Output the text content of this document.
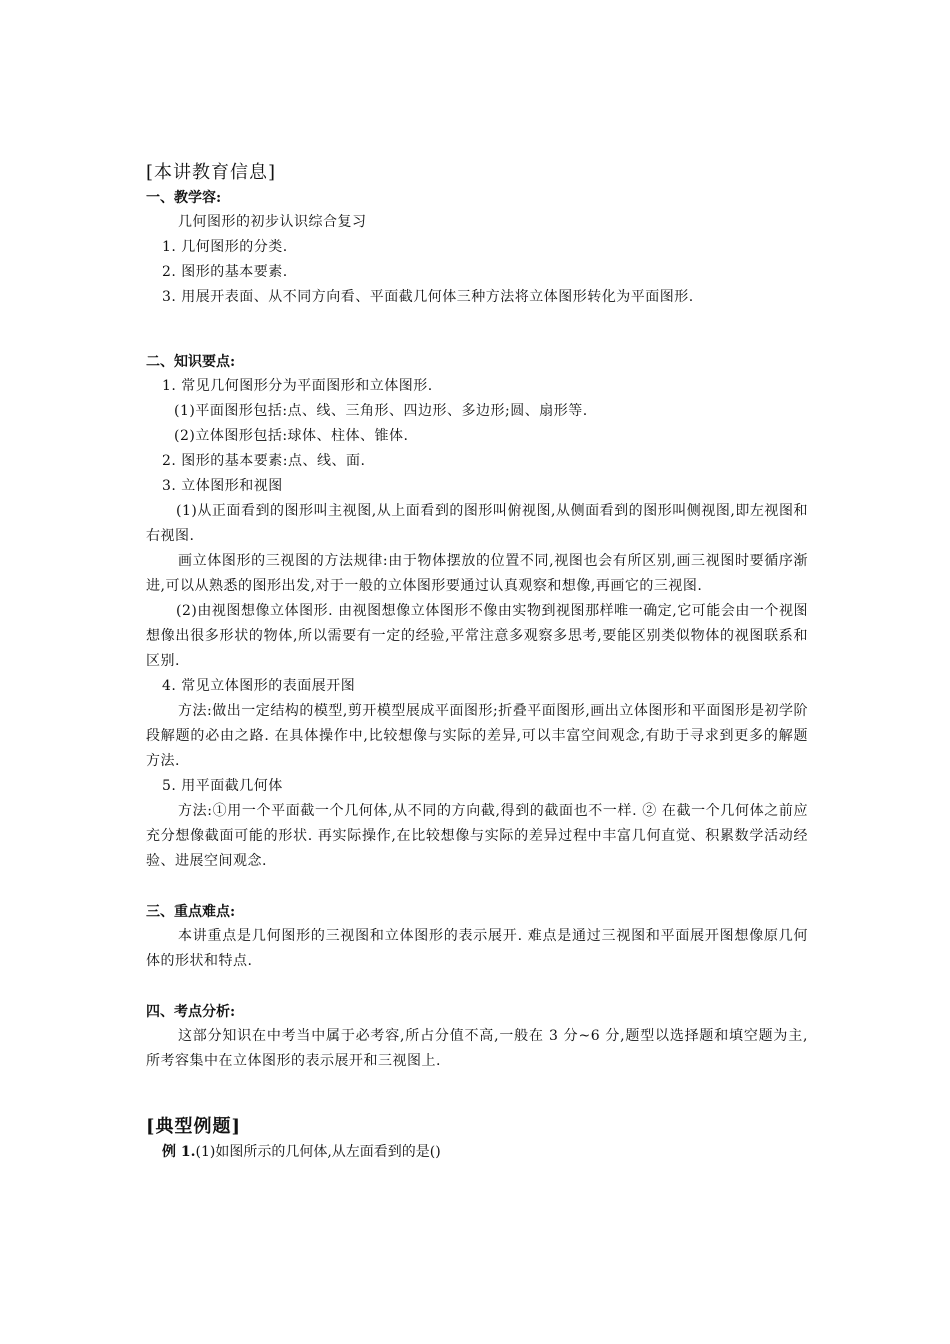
[本讲教育信息]

一、教学容:

几何图形的初步认识综合复习

1. 几何图形的分类.

2. 图形的基本要素.

3. 用展开表面、从不同方向看、平面截几何体三种方法将立体图形转化为平面图形.

二、知识要点:

1. 常见几何图形分为平面图形和立体图形.

(1)平面图形包括:点、线、三角形、四边形、多边形;圆、扇形等.

(2)立体图形包括:球体、柱体、锥体.

2. 图形的基本要素:点、线、面.

3. 立体图形和视图

(1)从正面看到的图形叫主视图,从上面看到的图形叫俯视图,从侧面看到的图形叫侧视图,即左视图和右视图.

画立体图形的三视图的方法规律:由于物体摆放的位置不同,视图也会有所区别,画三视图时要循序渐进,可以从熟悉的图形出发,对于一般的立体图形要通过认真观察和想像,再画它的三视图.

(2)由视图想像立体图形. 由视图想像立体图形不像由实物到视图那样唯一确定,它可能会由一个视图想像出很多形状的物体,所以需要有一定的经验,平常注意多观察多思考,要能区别类似物体的视图联系和区别.

4. 常见立体图形的表面展开图

方法:做出一定结构的模型,剪开模型展成平面图形;折叠平面图形,画出立体图形和平面图形是初学阶段解题的必由之路. 在具体操作中,比较想像与实际的差异,可以丰富空间观念,有助于寻求到更多的解题方法.

5. 用平面截几何体

方法:①用一个平面截一个几何体,从不同的方向截,得到的截面也不一样. ② 在截一个几何体之前应充分想像截面可能的形状. 再实际操作,在比较想像与实际的差异过程中丰富几何直觉、积累数学活动经验、进展空间观念.

三、重点难点:

本讲重点是几何图形的三视图和立体图形的表示展开. 难点是通过三视图和平面展开图想像原几何体的形状和特点.

四、考点分析:

这部分知识在中考当中属于必考容,所占分值不高,一般在 3 分~6 分,题型以选择题和填空题为主,所考容集中在立体图形的表示展开和三视图上.

[典型例题]

例 1.(1)如图所示的几何体,从左面看到的是()
